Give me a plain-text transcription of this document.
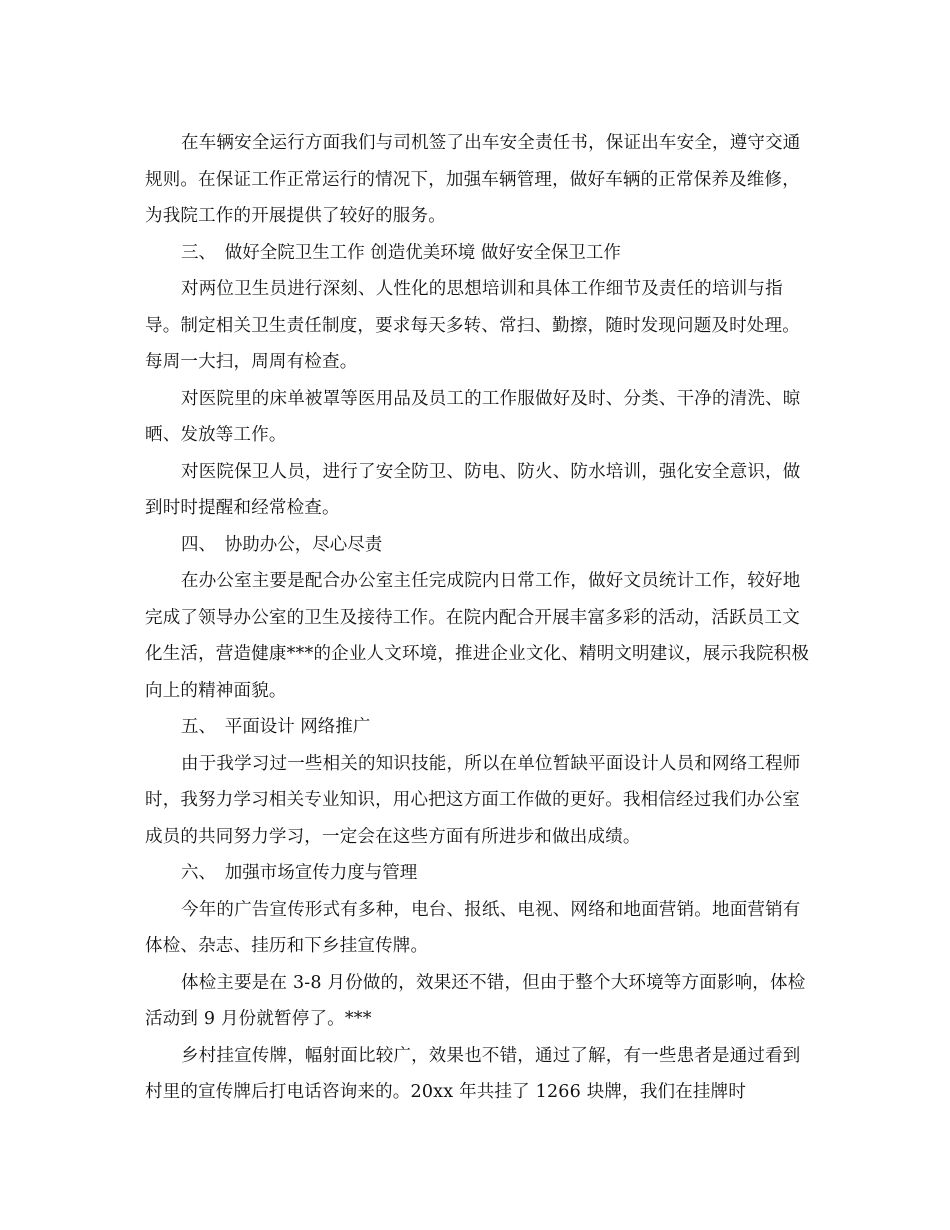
在车辆安全运行方面我们与司机签了出车安全责任书，保证出车安全，遵守交通规则。在保证工作正常运行的情况下，加强车辆管理，做好车辆的正常保养及维修，为我院工作的开展提供了较好的服务。

三、　做好全院卫生工作 创造优美环境 做好安全保卫工作

对两位卫生员进行深刻、人性化的思想培训和具体工作细节及责任的培训与指导。制定相关卫生责任制度，要求每天多转、常扫、勤擦，随时发现问题及时处理。每周一大扫，周周有检查。

对医院里的床单被罩等医用品及员工的工作服做好及时、分类、干净的清洗、晾晒、发放等工作。

对医院保卫人员，进行了安全防卫、防电、防火、防水培训，强化安全意识，做到时时提醒和经常检查。

四、　协助办公，尽心尽责

在办公室主要是配合办公室主任完成院内日常工作，做好文员统计工作，较好地完成了领导办公室的卫生及接待工作。在院内配合开展丰富多彩的活动，活跃员工文化生活，营造健康***的企业人文环境，推进企业文化、精明文明建议，展示我院积极向上的精神面貌。

五、　平面设计 网络推广

由于我学习过一些相关的知识技能，所以在单位暂缺平面设计人员和网络工程师时，我努力学习相关专业知识，用心把这方面工作做的更好。我相信经过我们办公室成员的共同努力学习，一定会在这些方面有所进步和做出成绩。

六、　加强市场宣传力度与管理

今年的广告宣传形式有多种，电台、报纸、电视、网络和地面营销。地面营销有体检、杂志、挂历和下乡挂宣传牌。

体检主要是在 3-8 月份做的，效果还不错，但由于整个大环境等方面影响，体检活动到 9 月份就暂停了。***

乡村挂宣传牌，幅射面比较广，效果也不错，通过了解，有一些患者是通过看到村里的宣传牌后打电话咨询来的。20xx 年共挂了 1266 块牌，我们在挂牌时
